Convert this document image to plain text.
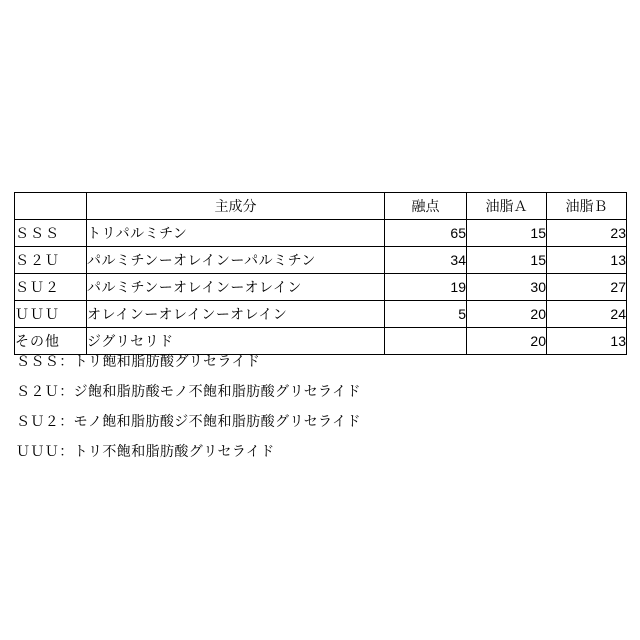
	主成分	融点	油脂Ａ	油脂Ｂ
ＳＳＳ	トリパルミチン	65	15	23
Ｓ２Ｕ	パルミチンーオレインーパルミチン	34	15	13
ＳＵ２	パルミチンーオレインーオレイン	19	30	27
ＵＵＵ	オレインーオレインーオレイン	5	20	24
その他	ジグリセリド		20	13
ＳＳＳ：トリ飽和脂肪酸グリセライド
Ｓ２Ｕ：ジ飽和脂肪酸モノ不飽和脂肪酸グリセライド
ＳＵ２：モノ飽和脂肪酸ジ不飽和脂肪酸グリセライド
ＵＵＵ：トリ不飽和脂肪酸グリセライド
